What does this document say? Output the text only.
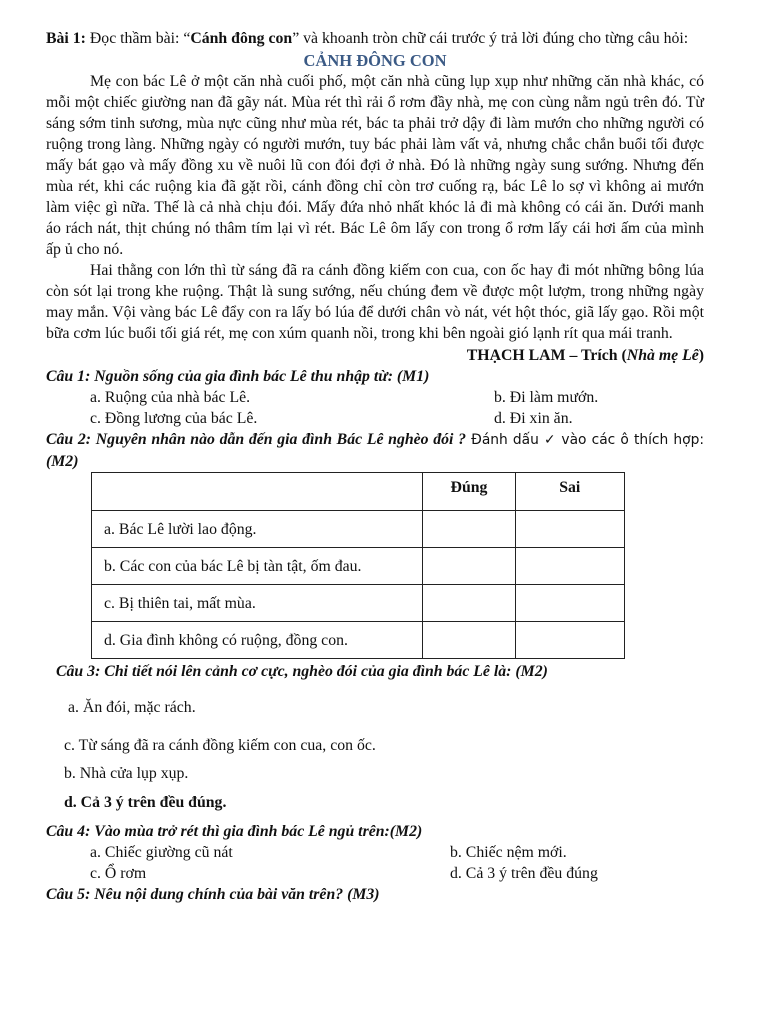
Bài 1: Đọc thầm bài: “Cánh đông con” và khoanh tròn chữ cái trước ý trả lời đúng cho từng câu hỏi:

CẢNH ĐÔNG CON

Mẹ con bác Lê ở một căn nhà cuối phố, một căn nhà cũng lụp xụp như những căn nhà khác, có mỗi một chiếc giường nan đã gãy nát. Mùa rét thì rải ổ rơm đầy nhà, mẹ con cùng nằm ngủ trên đó. Từ sáng sớm tinh sương, mùa nực cũng như mùa rét, bác ta phải trở dậy đi làm mướn cho những người có ruộng trong làng. Những ngày có người mướn, tuy bác phải làm vất vả, nhưng chắc chắn buổi tối được mấy bát gạo và mấy đồng xu về nuôi lũ con đói đợi ở nhà. Đó là những ngày sung sướng. Nhưng đến mùa rét, khi các ruộng kia đã gặt rồi, cánh đồng chỉ còn trơ cuống rạ, bác Lê lo sợ vì không ai mướn làm việc gì nữa. Thế là cả nhà chịu đói. Mấy đứa nhỏ nhất khóc lả đi mà không có cái ăn. Dưới manh áo rách nát, thịt chúng nó thâm tím lại vì rét. Bác Lê ôm lấy con trong ổ rơm lấy cái hơi ấm của mình ấp ủ cho nó.

Hai thằng con lớn thì từ sáng đã ra cánh đồng kiếm con cua, con ốc hay đi mót những bông lúa còn sót lại trong khe ruộng. Thật là sung sướng, nếu chúng đem về được một lượm, trong những ngày may mắn. Vội vàng bác Lê đẩy con ra lấy bó lúa để dưới chân vò nát, vét hột thóc, giã lấy gạo. Rồi một bữa cơm lúc buổi tối giá rét, mẹ con xúm quanh nồi, trong khi bên ngoài gió lạnh rít qua mái tranh.

THẠCH LAM – Trích (Nhà mẹ Lê)

Câu 1: Nguồn sống của gia đình bác Lê thu nhập từ: (M1)

a. Ruộng của nhà bác Lê.	b. Đi làm mướn.
c. Đồng lương của bác Lê.	d. Đi xin ăn.

Câu 2: Nguyên nhân nào dẫn đến gia đình Bác Lê nghèo đói ? Đánh dấu ✓ vào các ô thích hợp: (M2)

	Đúng	Sai
a. Bác Lê lười lao động.		
b. Các con của bác Lê bị tàn tật, ốm đau.		
c. Bị thiên tai, mất mùa.		
d. Gia đình không có ruộng, đồng con.		

Câu 3: Chi tiết nói lên cảnh cơ cực, nghèo đói của gia đình bác Lê là: (M2)

a. Ăn đói, mặc rách.

c. Từ sáng đã ra cánh đồng kiếm con cua, con ốc.

b. Nhà cửa lụp xụp.

d. Cả 3 ý trên đều đúng.

Câu 4: Vào mùa trở rét thì gia đình bác Lê ngủ trên:(M2)

a. Chiếc giường cũ nát	b. Chiếc nệm mới.
c. Ổ rơm	d. Cả 3 ý trên đều đúng

Câu 5: Nêu nội dung chính của bài văn trên? (M3)
